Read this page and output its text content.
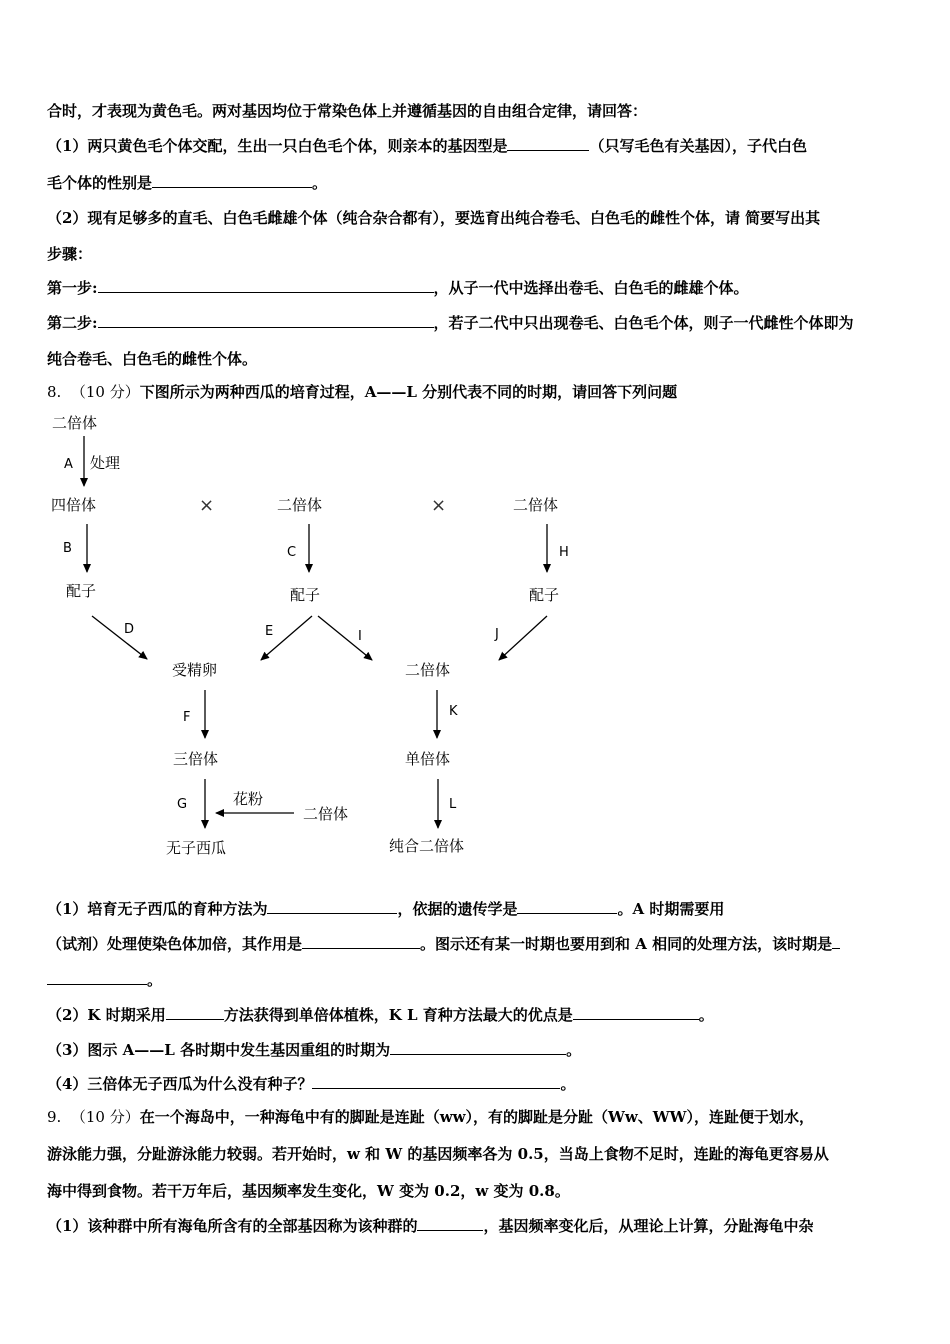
合时，才表现为黄色毛。两对基因均位于常染色体上并遵循基因的自由组合定律，请回答：
（1）两只黄色毛个体交配，生出一只白色毛个体，则亲本的基因型是	（只写毛色有关基因），子代白色
毛个体的性别是	。
（2）现有足够多的直毛、白色毛雌雄个体（纯合杂合都有），要选育出纯合卷毛、白色毛的雌性个体，请 简要写出其
步骤：
第一步:	，从子一代中选择出卷毛、白色毛的雌雄个体。
第二步:	，若子二代中只出现卷毛、白色毛个体，则子一代雌性个体即为
纯合卷毛、白色毛的雌性个体。
8. （10 分）下图所示为两种西瓜的培育过程，A——L 分别代表不同的时期，请回答下列问题
二倍体
A 处理
四倍体	×	二倍体	×	二倍体
B	C	H
配子	配子	配子
D	E	I	J
受精卵	二倍体
F	K
三倍体	单倍体
G	花粉
二倍体
L
无子西瓜	纯合二倍体
（1）培育无子西瓜的育种方法为	，依据的遗传学是	。A 时期需要用
（试剂）处理使染色体加倍，其作用是	。图示还有某一时期也要用到和 A 相同的处理方法，该时期是
。
（2）K 时期采用	方法获得到单倍体植株，K L 育种方法最大的优点是	。
（3）图示 A——L 各时期中发生基因重组的时期为	。
（4）三倍体无子西瓜为什么没有种子？	。
9. （10 分）在一个海岛中，一种海龟中有的脚趾是连趾（ww），有的脚趾是分趾（Ww、WW），连趾便于划水，
游泳能力强，分趾游泳能力较弱。若开始时，w 和 W 的基因频率各为 0.5，当岛上食物不足时，连趾的海龟更容易从
海中得到食物。若干万年后，基因频率发生变化，W 变为 0.2，w 变为 0.8。
（1）该种群中所有海龟所含有的全部基因称为该种群的	，基因频率变化后，从理论上计算，分趾海龟中杂
